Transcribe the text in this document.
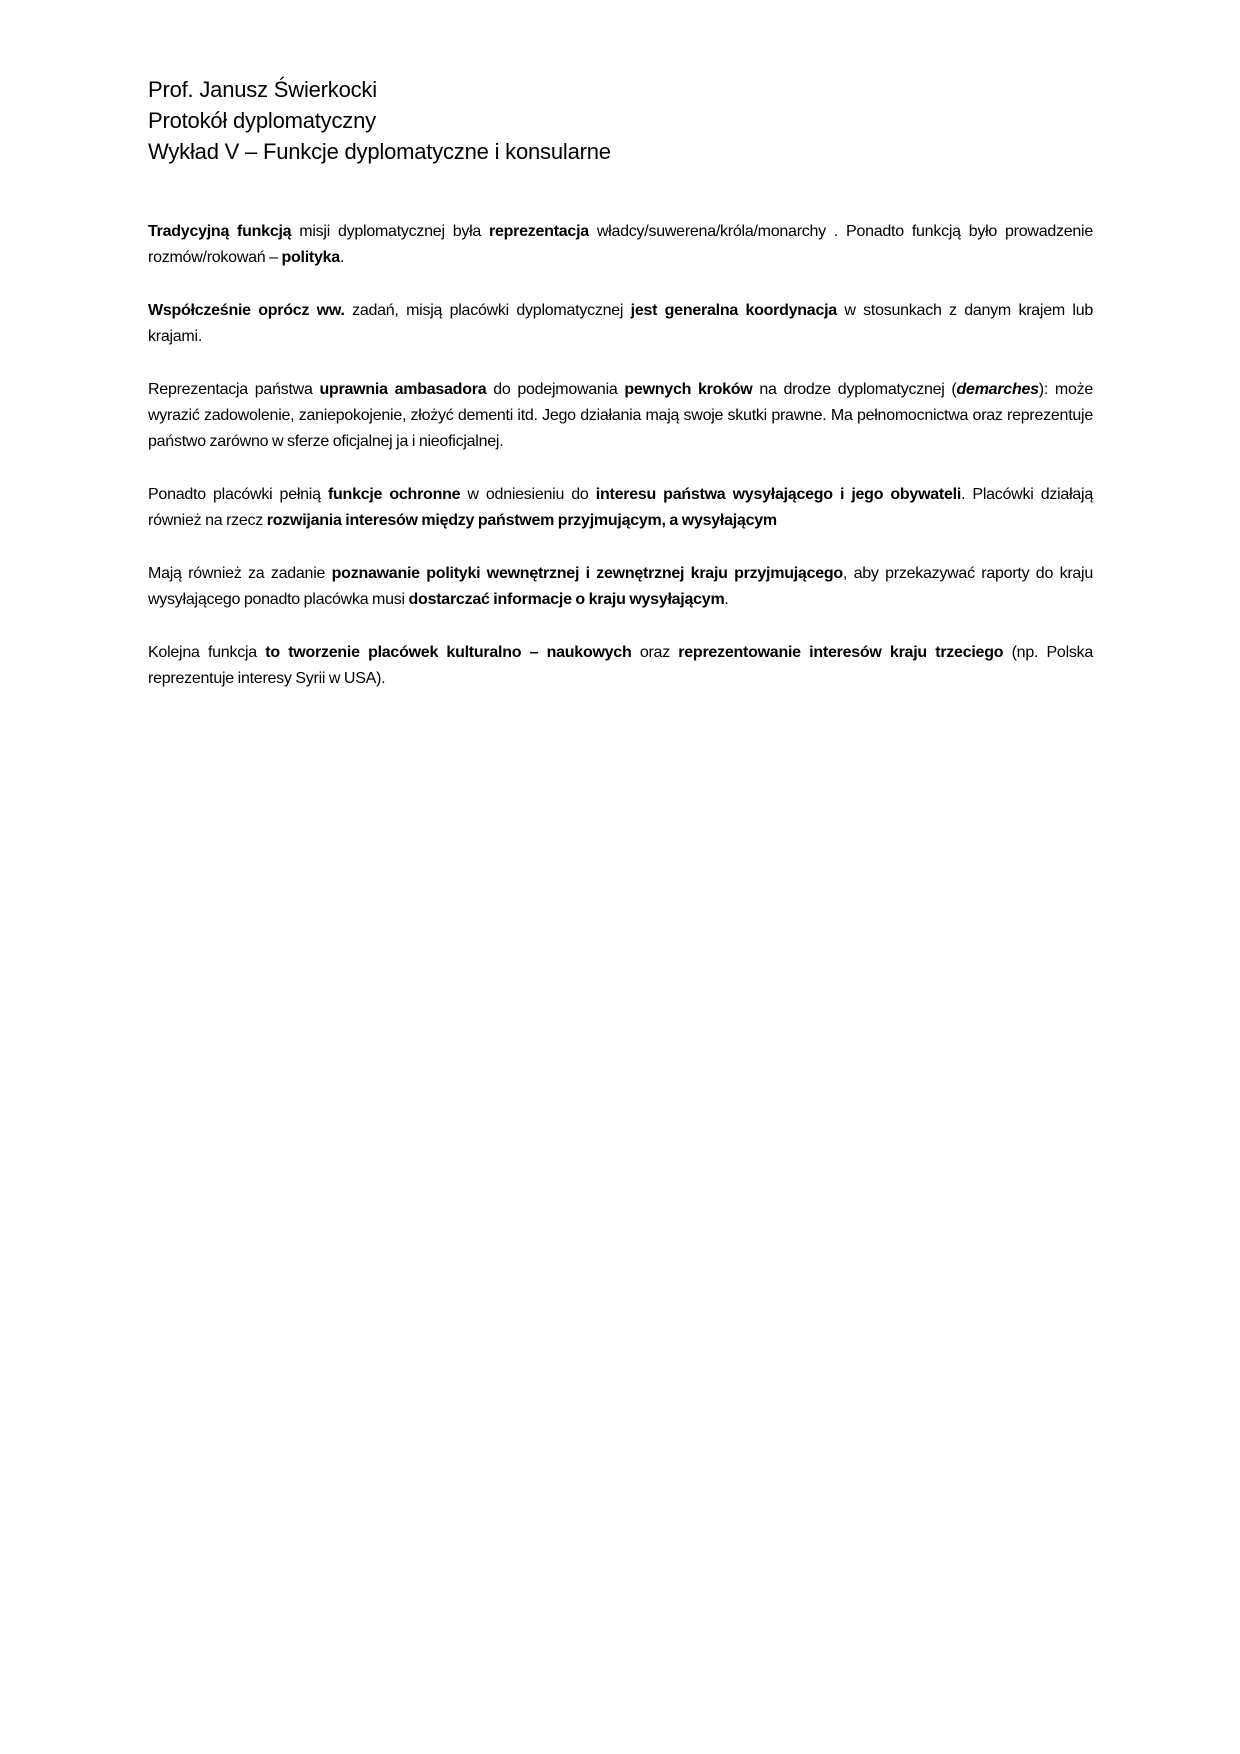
Prof. Janusz Świerkocki

Protokół dyplomatyczny

Wykład V – Funkcje dyplomatyczne i konsularne

Tradycyjną funkcją misji dyplomatycznej była reprezentacja władcy/suwerena/króla/monarchy . Ponadto funkcją było prowadzenie rozmów/rokowań – polityka.

Współcześnie oprócz ww. zadań, misją placówki dyplomatycznej jest generalna koordynacja w stosunkach z danym krajem lub krajami.

Reprezentacja państwa uprawnia ambasadora do podejmowania pewnych kroków na drodze dyplomatycznej (demarches): może wyrazić zadowolenie, zaniepokojenie, złożyć dementi itd. Jego działania mają swoje skutki prawne. Ma pełnomocnictwa oraz reprezentuje państwo zarówno w sferze oficjalnej ja i nieoficjalnej.

Ponadto placówki pełnią funkcje ochronne w odniesieniu do interesu państwa wysyłającego i jego obywateli. Placówki działają również na rzecz rozwijania interesów między państwem przyjmującym, a wysyłającym

Mają również za zadanie poznawanie polityki wewnętrznej i zewnętrznej kraju przyjmującego, aby przekazywać raporty do kraju wysyłającego ponadto placówka musi dostarczać informacje o kraju wysyłającym.

Kolejna funkcja to tworzenie placówek kulturalno – naukowych oraz reprezentowanie interesów kraju trzeciego (np. Polska reprezentuje interesy Syrii w USA).
